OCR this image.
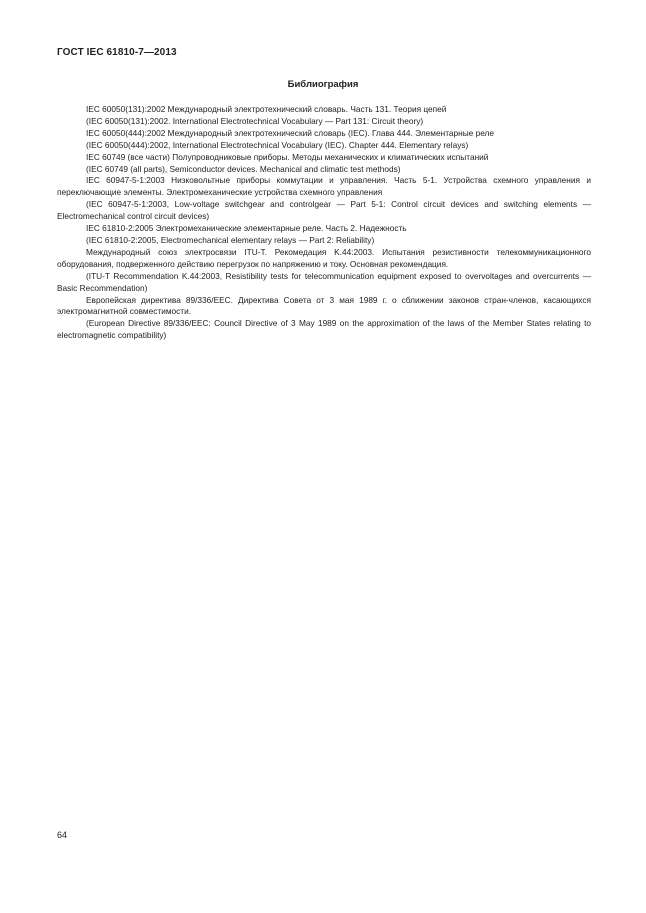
ГОСТ IEC 61810-7—2013
Библиография

IEC 60050(131):2002 Международный электротехнический словарь. Часть 131. Теория цепей

(IEC 60050(131):2002. International Electrotechnical Vocabulary — Part 131: Circuit theory)

IEC 60050(444):2002 Международный электротехнический словарь (IEC). Глава 444. Элементарные реле

(IEC 60050(444):2002, International Electrotechnical Vocabulary (IEC). Chapter 444. Elementary relays)

IEC 60749 (все части) Полупроводниковые приборы. Методы механических и климатических испытаний

(IEC 60749 (all parts), Semiconductor devices. Mechanical and climatic test methods)

IEC 60947-5-1:2003 Низковольтные приборы коммутации и управления. Часть 5-1. Устройства схемного управления и переключающие элементы. Электромеханические устройства схемного управления

(IEC 60947-5-1:2003, Low-voltage switchgear and controlgear — Part 5-1: Control circuit devices and switching elements — Electromechanical control circuit devices)

IEC 61810-2:2005 Электромеханические элементарные реле. Часть 2. Надежность

(IEC 61810-2:2005, Electromechanical elementary relays — Part 2: Reliability)

Международный союз электросвязи ITU-T. Рекомедация K.44:2003. Испытания резистивности телекоммуникационного оборудования, подверженного действию перегрузок по напряжению и току. Основная рекомендация.

(ITU-T Recommendation K.44:2003, Resistibility tests for telecommunication equipment exposed to overvoltages and overcurrents — Basic Recommendation)

Европейская директива 89/336/EEC. Директива Совета от 3 мая 1989 г. о сближении законов стран-членов, касающихся электромагнитной совместимости.

(European Directive 89/336/EEC: Council Directive of 3 May 1989 on the approximation of the laws of the Member States relating to electromagnetic compatibility)

64
